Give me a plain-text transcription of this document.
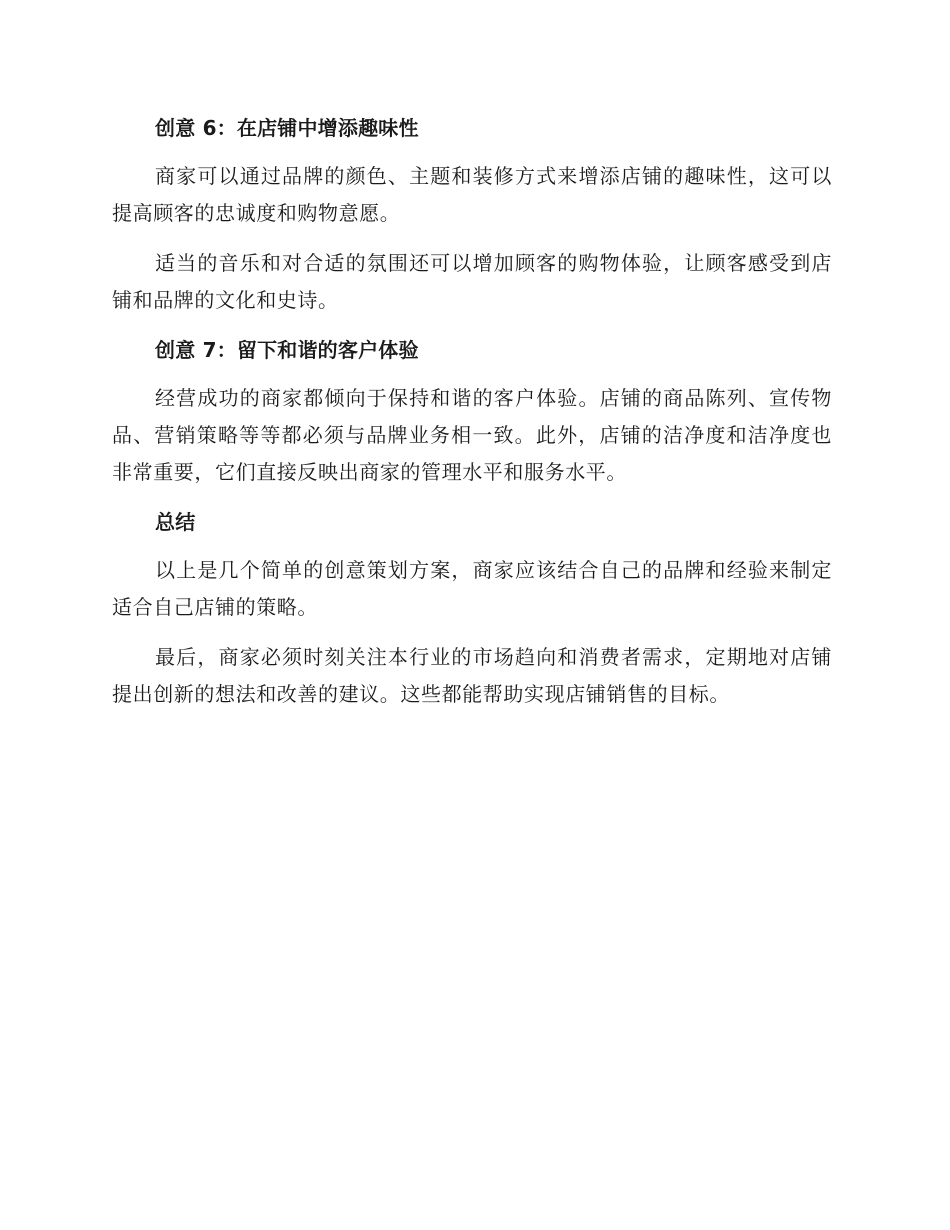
创意 6：在店铺中增添趣味性

商家可以通过品牌的颜色、主题和装修方式来增添店铺的趣味性，这可以提高顾客的忠诚度和购物意愿。

适当的音乐和对合适的氛围还可以增加顾客的购物体验，让顾客感受到店铺和品牌的文化和史诗。

创意 7：留下和谐的客户体验

经营成功的商家都倾向于保持和谐的客户体验。店铺的商品陈列、宣传物品、营销策略等等都必须与品牌业务相一致。此外，店铺的洁净度和洁净度也非常重要，它们直接反映出商家的管理水平和服务水平。

总结

以上是几个简单的创意策划方案，商家应该结合自己的品牌和经验来制定适合自己店铺的策略。

最后，商家必须时刻关注本行业的市场趋向和消费者需求，定期地对店铺提出创新的想法和改善的建议。这些都能帮助实现店铺销售的目标。
